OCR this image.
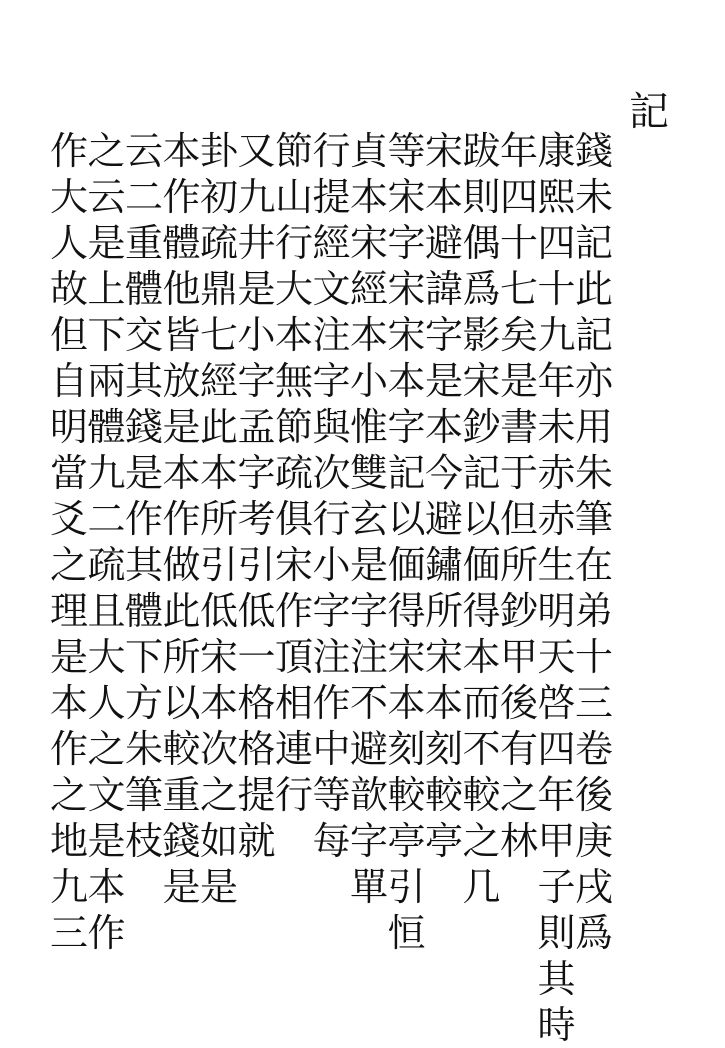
記
錢
未
記
此
記
亦
用
朱
筆
在
弟
十
三
卷
後
庚
戌
爲
康
熙
四
十
九
年
未
赤
赤
生
明
天
啓
四
年
甲
子
則
其
時
年
四
十
七
矣
是
書
于
但
所
鈔
甲
後
有
之
林
跋
則
偶
爲
影
宋
鈔
記
以
偭
得
本
而
不
較
之
几
宋
本
避
諱
字
是
本
今
避
鏽
所
宋
本
刻
較
亭
等
宋
字
宋
宋
本
字
記
以
偭
得
宋
本
刻
較
亭
引
恒
貞
本
宋
經
本
小
惟
雙
玄
是
字
注
不
避
歆
字
單
行
提
經
文
注
字
與
次
行
小
字
注
作
中
等
每
節
山
行
大
本
無
節
疏
俱
宋
作
頂
相
連
行
又
九
井
是
小
字
孟
字
考
引
低
一
格
格
提
就
卦
初
疏
鼎
七
經
此
本
所
引
低
宋
本
次
之
如
是
本
作
體
他
皆
放
是
本
作
做
此
所
以
較
重
錢
是
云
二
重
體
交
其
錢
是
作
其
體
下
方
朱
筆
枝
之
云
是
上
下
兩
體
九
二
疏
且
大
人
之
文
是
本
作
作
大
人
故
但
自
明
當
爻
之
理
是
本
作
之
地
九
三
